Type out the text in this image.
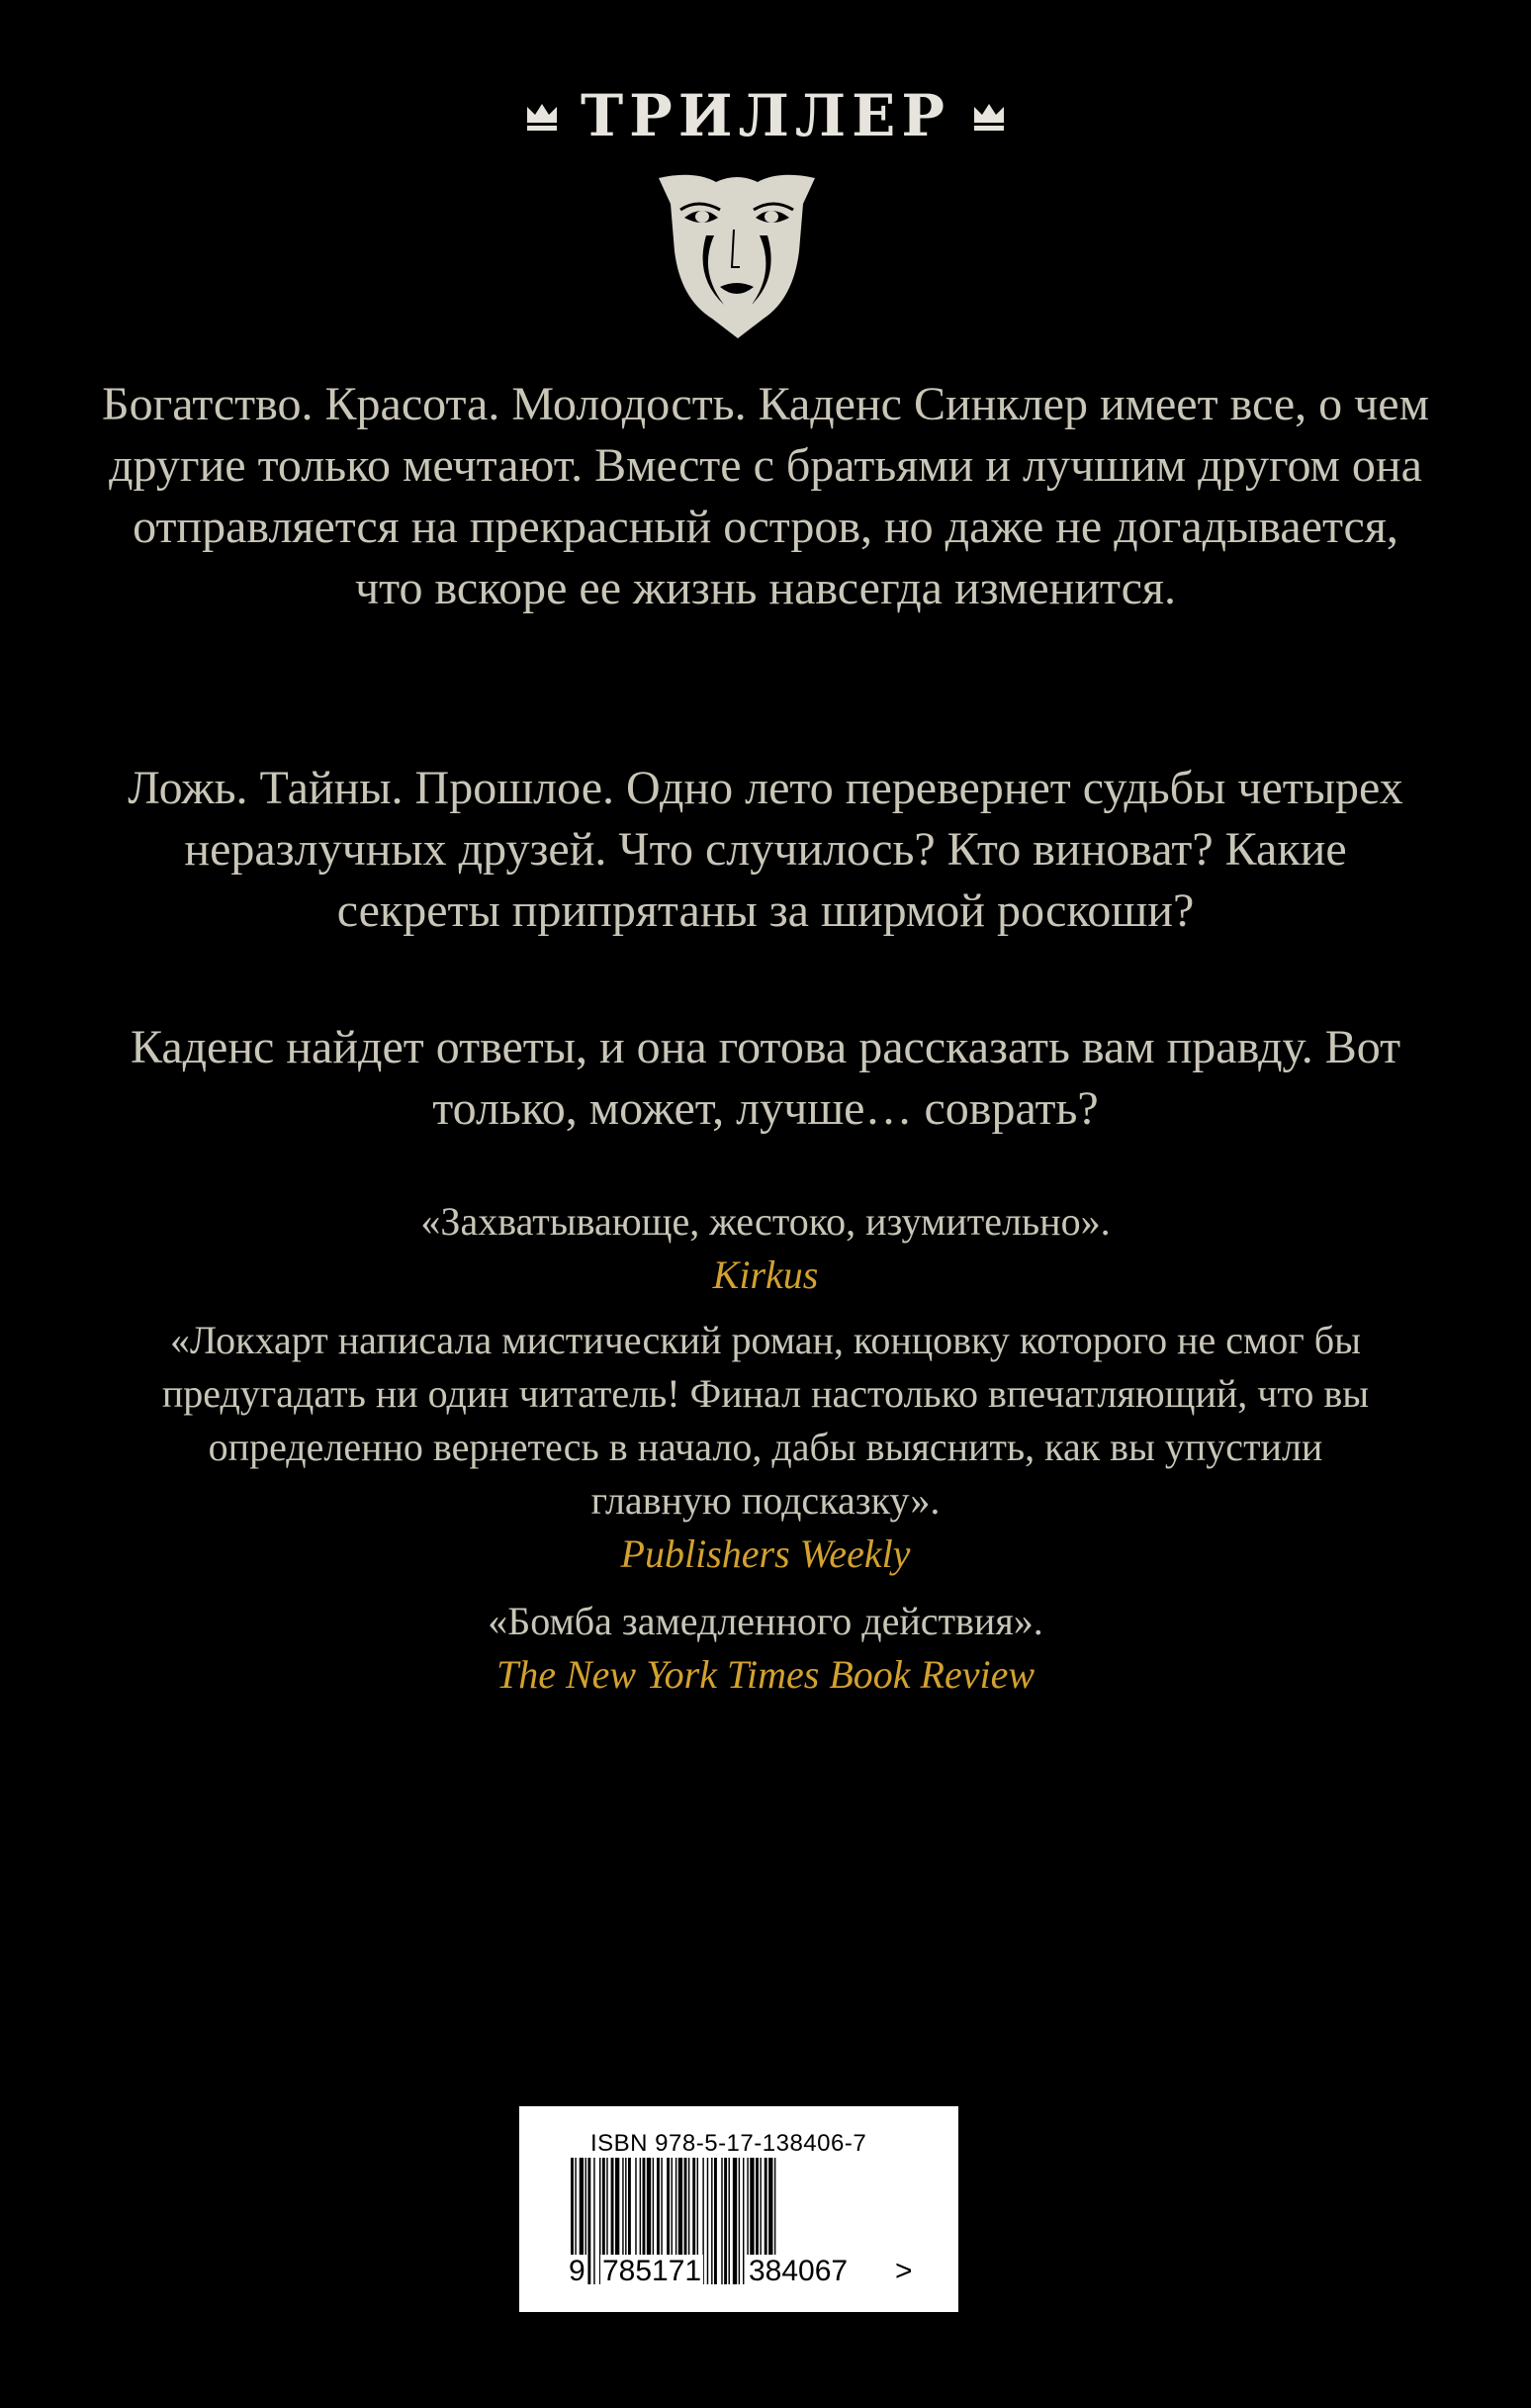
ТРИЛЛЕР

Богатство. Красота. Молодость. Каденс Синклер имеет все, о чем другие только мечтают. Вместе с братьями и лучшим другом она отправляется на прекрасный остров, но даже не догадывается, что вскоре ее жизнь навсегда изменится.

Ложь. Тайны. Прошлое. Одно лето перевернет судьбы четырех неразлучных друзей. Что случилось? Кто виноват? Какие секреты припрятаны за ширмой роскоши?

Каденс найдет ответы, и она готова рассказать вам правду. Вот только, может, лучше… соврать?

«Захватывающе, жестоко, изумительно».
Kirkus
«Локхарт написала мистический роман, концовку которого не смог бы предугадать ни один читатель! Финал настолько впечатляющий, что вы определенно вернетесь в начало, дабы выяснить, как вы упустили главную подсказку».
Publishers Weekly
«Бомба замедленного действия».
The New York Times Book Review
ISBN 978-5-17-138406-7
9 785171 384067 >
